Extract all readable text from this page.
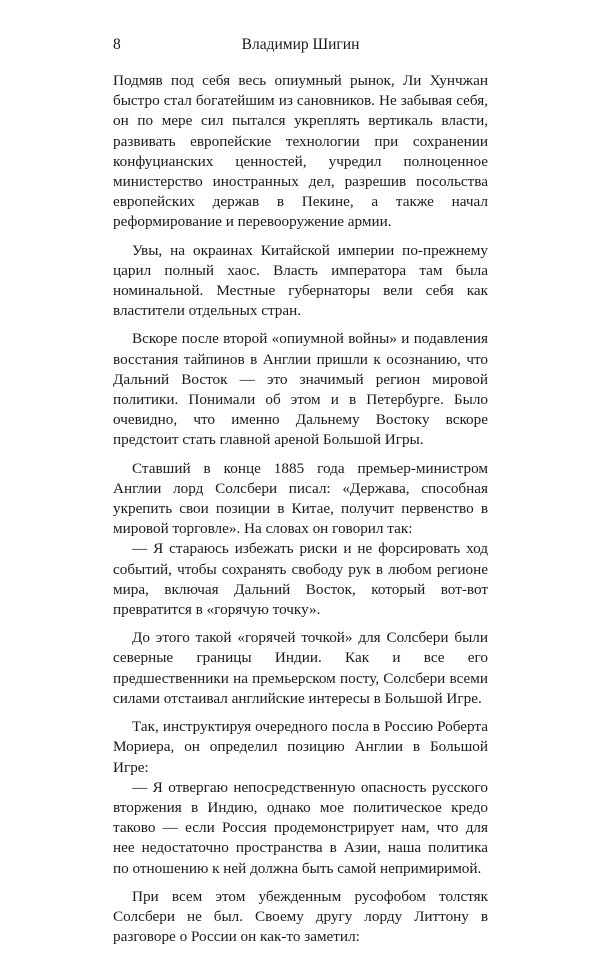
8	Владимир Шигин

Подмяв под себя весь опиумный рынок, Ли Хунчжан быстро стал богатейшим из сановников. Не забывая себя, он по мере сил пытался укреплять вертикаль власти, развивать европейские технологии при сохранении конфуцианских ценностей, учредил полноценное министерство иностранных дел, разрешив посольства европейских держав в Пекине, а также начал реформирование и перевооружение армии.

Увы, на окраинах Китайской империи по-прежнему царил полный хаос. Власть императора там была номинальной. Местные губернаторы вели себя как властители отдельных стран.

Вскоре после второй «опиумной войны» и подавления восстания тайпинов в Англии пришли к осознанию, что Дальний Восток — это значимый регион мировой политики. Понимали об этом и в Петербурге. Было очевидно, что именно Дальнему Востоку вскоре предстоит стать главной ареной Большой Игры.

Ставший в конце 1885 года премьер-министром Англии лорд Солсбери писал: «Держава, способная укрепить свои позиции в Китае, получит первенство в мировой торговле». На словах он говорил так:

— Я стараюсь избежать риски и не форсировать ход событий, чтобы сохранять свободу рук в любом регионе мира, включая Дальний Восток, который вот-вот превратится в «горячую точку».

До этого такой «горячей точкой» для Солсбери были северные границы Индии. Как и все его предшественники на премьерском посту, Солсбери всеми силами отстаивал английские интересы в Большой Игре.

Так, инструктируя очередного посла в Россию Роберта Мориера, он определил позицию Англии в Большой Игре:

— Я отвергаю непосредственную опасность русского вторжения в Индию, однако мое политическое кредо таково — если Россия продемонстрирует нам, что для нее недостаточно пространства в Азии, наша политика по отношению к ней должна быть самой непримиримой.

При всем этом убежденным русофобом толстяк Солсбери не был. Своему другу лорду Литтону в разговоре о России он как-то заметил:
